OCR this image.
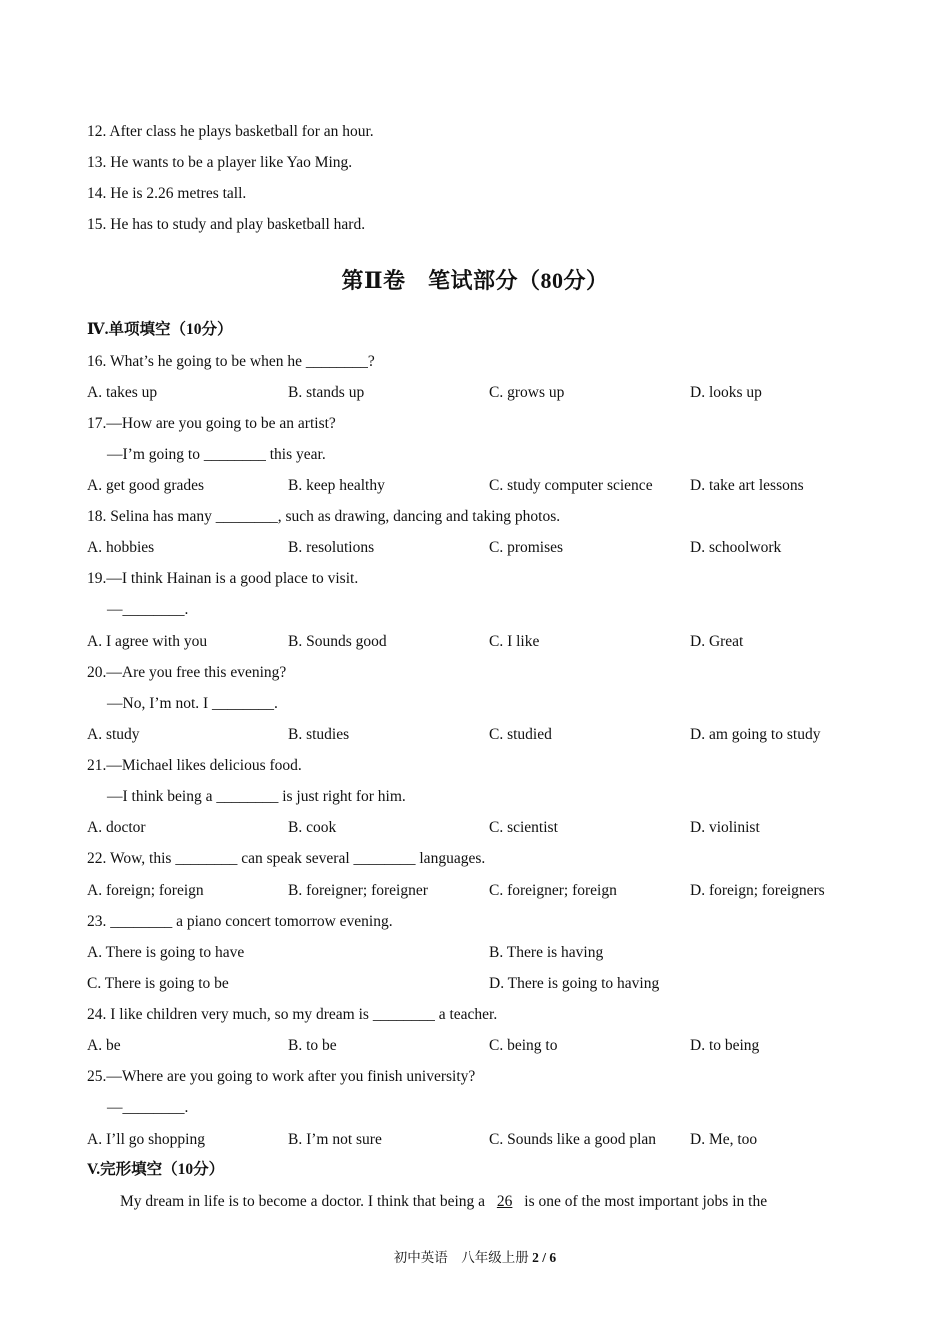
12. After class he plays basketball for an hour.
13. He wants to be a player like Yao Ming.
14. He is 2.26 metres tall.
15. He has to study and play basketball hard.
第Ⅱ卷　笔试部分（80分）
Ⅳ.单项填空（10分）
16. What’s he going to be when he ________?
A. takes up	B. stands up	C. grows up	D. looks up
17.—How are you going to be an artist?
—I’m going to ________ this year.
A. get good grades	B. keep healthy	C. study computer science D. take art lessons
18. Selina has many ________, such as drawing, dancing and taking photos.
A. hobbies	B. resolutions	C. promises	D. schoolwork
19.—I think Hainan is a good place to visit.
—________.
A. I agree with you	B. Sounds good	C. I like	D. Great
20.—Are you free this evening?
—No, I’m not. I ________.
A. study	B. studies	C. studied	D. am going to study
21.—Michael likes delicious food.
—I think being a ________ is just right for him.
A. doctor	B. cook	C. scientist	D. violinist
22. Wow, this ________ can speak several ________ languages.
A. foreign; foreign	B. foreigner; foreigner	C. foreigner; foreign	D. foreign; foreigners
23. ________ a piano concert tomorrow evening.
A. There is going to have	B. There is having
C. There is going to be	D. There is going to having
24. I like children very much, so my dream is ________ a teacher.
A. be	B. to be	C. being to	D. to being
25.—Where are you going to work after you finish university?
—________.
A. I’ll go shopping	B. I’m not sure	C. Sounds like a good plan D. Me, too
V.完形填空（10分）
My dream in life is to become a doctor. I think that being a 26 is one of the most important jobs in the
初中英语　八年级上册 2 / 6
